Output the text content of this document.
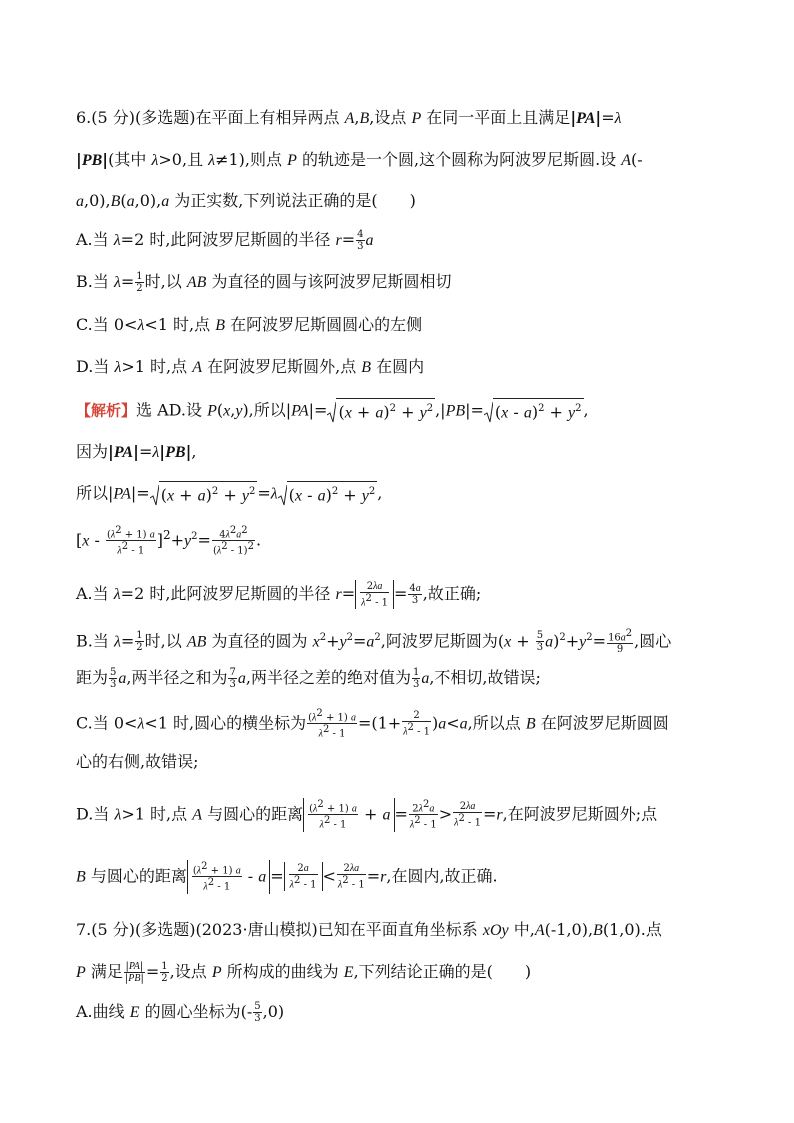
6.(5 分)(多选题)在平面上有相异两点 A,B,设点 P 在同一平面上且满足|PA|=λ
|PB|(其中 λ>0,且 λ≠1),则点 P 的轨迹是一个圆,这个圆称为阿波罗尼斯圆.设 A(-
a,0),B(a,0),a 为正实数,下列说法正确的是(　　)
A.当 λ=2 时,此阿波罗尼斯圆的半径 $r= \frac{4}{3}$ a
B.当 $\lambda= \frac{1}{2}$ 时,以 AB 为直径的圆与该阿波罗尼斯圆相切
C.当 0<λ<1 时,点 B 在阿波罗尼斯圆圆心的左侧
D.当 λ>1 时,点 A 在阿波罗尼斯圆外,点 B 在圆内
【解析】选 AD.设 P(x,y),所以$|PA|= (x + a)^2 + y^2$ $,|PB|= (x - a)^2 + y^2$ ,
因为|PA|=λ|PB|,
所以$|PA|= (x + a)^2 + y^2 =\lambda$ $(x - a)^2 + y^2$ ,
$[x - \frac{(\lambda^2 + 1) a}{\lambda^2 - 1} ]^2+y^2= \frac{4\lambda^2a^2}{(\lambda^2 - 1)^2}$ .
A.当 λ=2 时,此阿波罗尼斯圆的半径 $r= \frac{2\lambda a}{\lambda^2 - 1} = \frac{4a}{3}$ ,故正确;
B.当 $\lambda= \frac{1}{2}$ 时,以 AB 为直径的圆为 $x^2+y^2=a^2$,阿波罗尼斯圆为$(x + \frac{5}{3} a)^2+y^2= \frac{16a^2}{9}$ ,圆心
距为 $\frac{5}{3} a$,两半径之和为 $\frac{7}{3} a$,两半径之差的绝对值为 $\frac{1}{3} a$,不相切,故错误;
C.当 0<λ<1 时,圆心的横坐标为 $\frac{(\lambda^2 + 1) a}{\lambda^2 - 1} =(1+ \frac{2}{\lambda^2 - 1} )a<a$,所以点 B 在阿波罗尼斯圆圆
心的右侧,故错误;
D.当 λ>1 时,点 A 与圆心的距离 $\frac{(\lambda^2 + 1) a}{\lambda^2 - 1} + a = \frac{2\lambda^2a}{\lambda^2 - 1} > \frac{2\lambda a}{\lambda^2 - 1} =r$,在阿波罗尼斯圆外;点
B 与圆心的距离 $\frac{(\lambda^2 + 1) a}{\lambda^2 - 1} - a = \frac{2a}{\lambda^2 - 1} < \frac{2\lambda a}{\lambda^2 - 1} =r$,在圆内,故正确.
7.(5 分)(多选题)(2023·唐山模拟)已知在平面直角坐标系 xOy 中,A(-1,0),B(1,0).点
P 满足 $\frac{|PA|}{|PB|} = \frac{1}{2}$ ,设点 P 所构成的曲线为 E,下列结论正确的是(　　)
A.曲线 E 的圆心坐标为(- $\frac{5}{3} ,0$)
